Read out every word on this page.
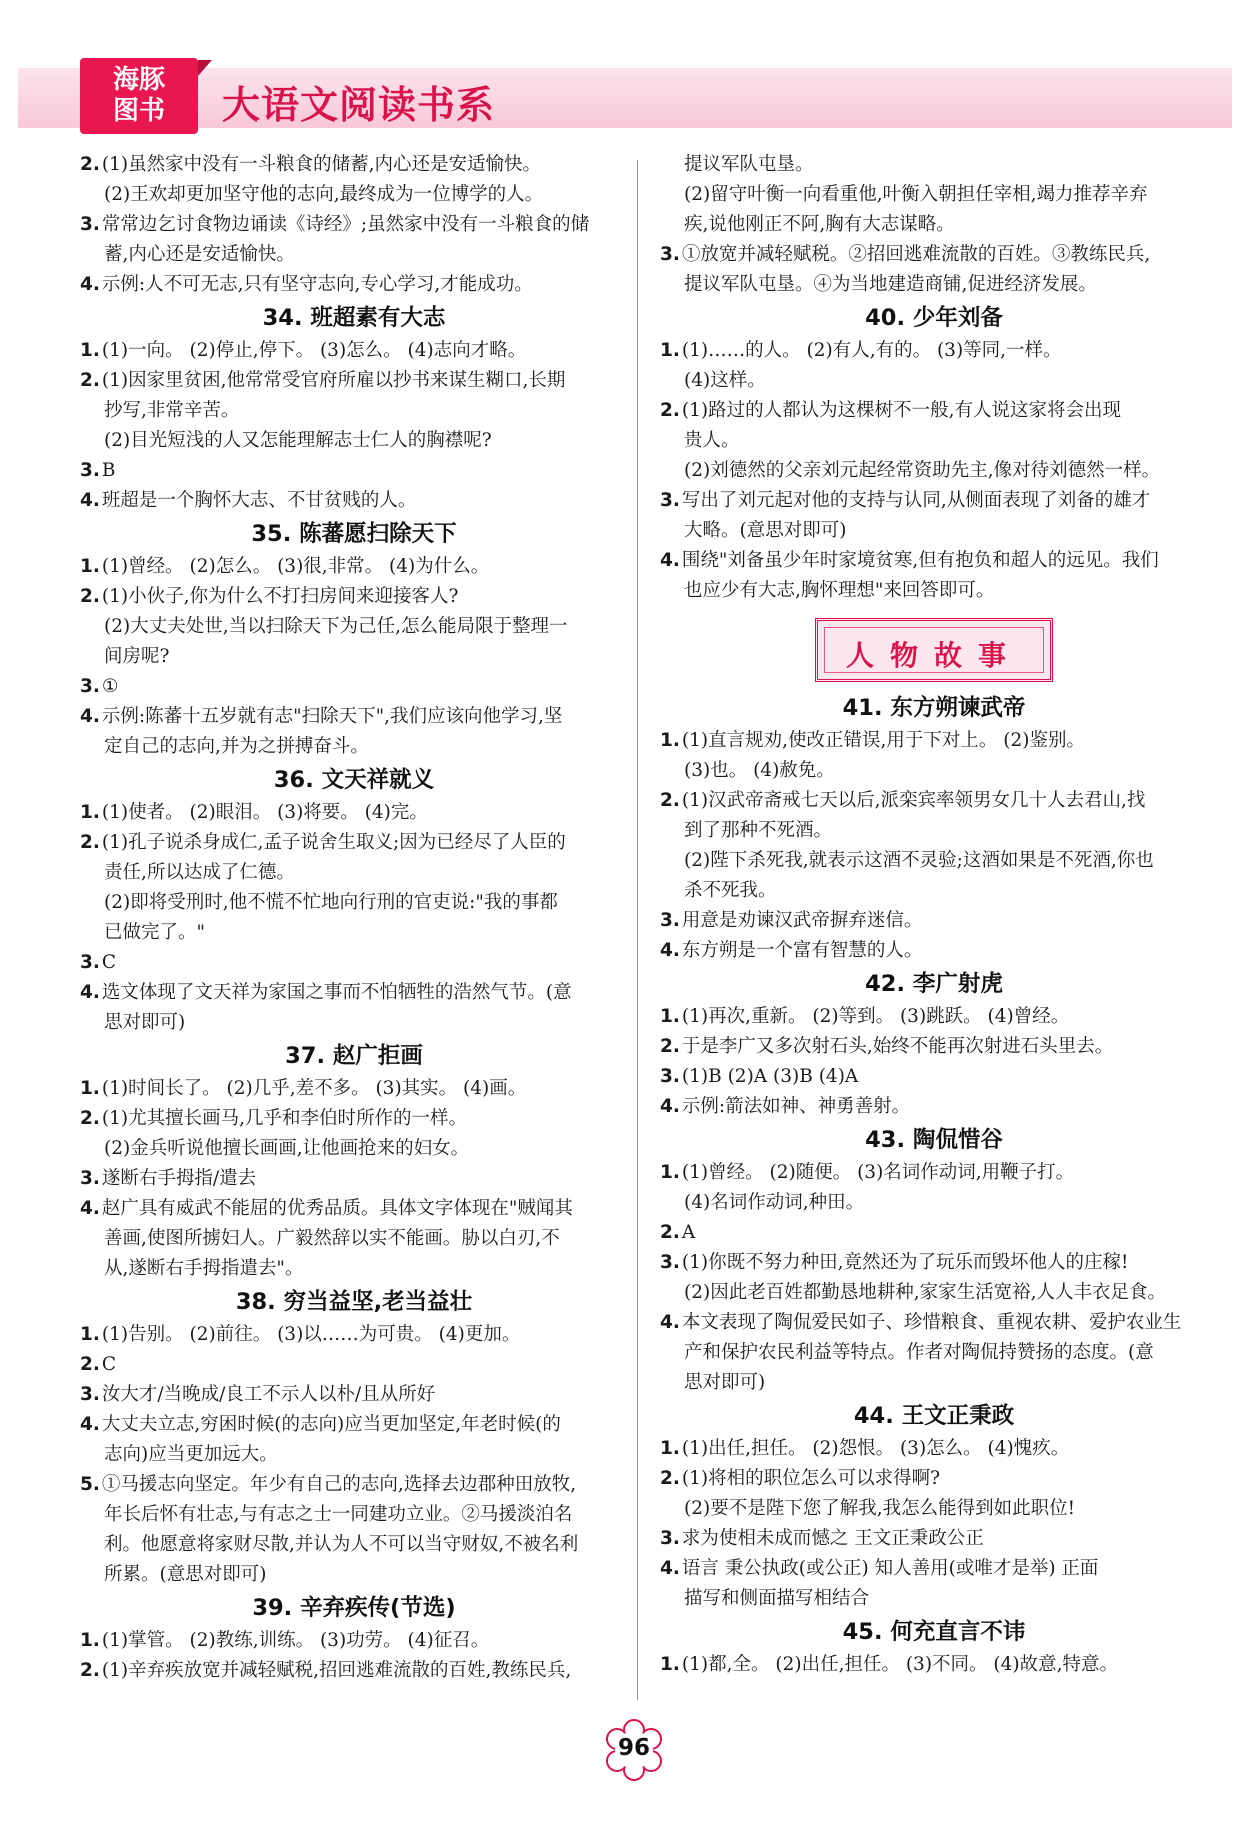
海豚
图书	大语文阅读书系
2. (1)虽然家中没有一斗粮食的储蓄,内心还是安适愉快。
(2)王欢却更加坚守他的志向,最终成为一位博学的人。
3. 常常边乞讨食物边诵读《诗经》;虽然家中没有一斗粮食的储
蓄,内心还是安适愉快。
4. 示例:人不可无志,只有坚守志向,专心学习,才能成功。
34. 班超素有大志
1. (1)一向。 (2)停止,停下。 (3)怎么。 (4)志向才略。
2. (1)因家里贫困,他常常受官府所雇以抄书来谋生糊口,长期
抄写,非常辛苦。
(2)目光短浅的人又怎能理解志士仁人的胸襟呢?
3. B
4. 班超是一个胸怀大志、不甘贫贱的人。
35. 陈蕃愿扫除天下
1. (1)曾经。 (2)怎么。 (3)很,非常。 (4)为什么。
2. (1)小伙子,你为什么不打扫房间来迎接客人?
(2)大丈夫处世,当以扫除天下为己任,怎么能局限于整理一
间房呢?
3. ①
4. 示例:陈蕃十五岁就有志"扫除天下",我们应该向他学习,坚
定自己的志向,并为之拼搏奋斗。
36. 文天祥就义
1. (1)使者。 (2)眼泪。 (3)将要。 (4)完。
2. (1)孔子说杀身成仁,孟子说舍生取义;因为已经尽了人臣的
责任,所以达成了仁德。
(2)即将受刑时,他不慌不忙地向行刑的官吏说:"我的事都
已做完了。"
3. C
4. 选文体现了文天祥为家国之事而不怕牺牲的浩然气节。(意
思对即可)
37. 赵广拒画
1. (1)时间长了。 (2)几乎,差不多。 (3)其实。 (4)画。
2. (1)尤其擅长画马,几乎和李伯时所作的一样。
(2)金兵听说他擅长画画,让他画抢来的妇女。
3. 遂断右手拇指/遣去
4. 赵广具有威武不能屈的优秀品质。具体文字体现在"贼闻其
善画,使图所掳妇人。广毅然辞以实不能画。胁以白刃,不
从,遂断右手拇指遣去"。
38. 穷当益坚,老当益壮
1. (1)告别。 (2)前往。 (3)以……为可贵。 (4)更加。
2. C
3. 汝大才/当晚成/良工不示人以朴/且从所好
4. 大丈夫立志,穷困时候(的志向)应当更加坚定,年老时候(的
志向)应当更加远大。
5. ①马援志向坚定。年少有自己的志向,选择去边郡种田放牧,
年长后怀有壮志,与有志之士一同建功立业。②马援淡泊名
利。他愿意将家财尽散,并认为人不可以当守财奴,不被名利
所累。(意思对即可)
39. 辛弃疾传(节选)
1. (1)掌管。 (2)教练,训练。 (3)功劳。 (4)征召。
2. (1)辛弃疾放宽并减轻赋税,招回逃难流散的百姓,教练民兵,
提议军队屯垦。
(2)留守叶衡一向看重他,叶衡入朝担任宰相,竭力推荐辛弃
疾,说他刚正不阿,胸有大志谋略。
3. ①放宽并减轻赋税。②招回逃难流散的百姓。③教练民兵,
提议军队屯垦。④为当地建造商铺,促进经济发展。
40. 少年刘备
1. (1)……的人。 (2)有人,有的。 (3)等同,一样。
(4)这样。
2. (1)路过的人都认为这棵树不一般,有人说这家将会出现
贵人。
(2)刘德然的父亲刘元起经常资助先主,像对待刘德然一样。
3. 写出了刘元起对他的支持与认同,从侧面表现了刘备的雄才
大略。(意思对即可)
4. 围绕"刘备虽少年时家境贫寒,但有抱负和超人的远见。我们
也应少有大志,胸怀理想"来回答即可。
人物故事
41. 东方朔谏武帝
1. (1)直言规劝,使改正错误,用于下对上。 (2)鉴别。
(3)也。 (4)赦免。
2. (1)汉武帝斋戒七天以后,派栾宾率领男女几十人去君山,找
到了那种不死酒。
(2)陛下杀死我,就表示这酒不灵验;这酒如果是不死酒,你也
杀不死我。
3. 用意是劝谏汉武帝摒弃迷信。
4. 东方朔是一个富有智慧的人。
42. 李广射虎
1. (1)再次,重新。 (2)等到。 (3)跳跃。 (4)曾经。
2. 于是李广又多次射石头,始终不能再次射进石头里去。
3. (1)B (2)A (3)B (4)A
4. 示例:箭法如神、神勇善射。
43. 陶侃惜谷
1. (1)曾经。 (2)随便。 (3)名词作动词,用鞭子打。
(4)名词作动词,种田。
2. A
3. (1)你既不努力种田,竟然还为了玩乐而毁坏他人的庄稼!
(2)因此老百姓都勤恳地耕种,家家生活宽裕,人人丰衣足食。
4. 本文表现了陶侃爱民如子、珍惜粮食、重视农耕、爱护农业生
产和保护农民利益等特点。作者对陶侃持赞扬的态度。(意
思对即可)
44. 王文正秉政
1. (1)出任,担任。 (2)怨恨。 (3)怎么。 (4)愧疚。
2. (1)将相的职位怎么可以求得啊?
(2)要不是陛下您了解我,我怎么能得到如此职位!
3. 求为使相未成而憾之 王文正秉政公正
4. 语言 秉公执政(或公正) 知人善用(或唯才是举) 正面
描写和侧面描写相结合
45. 何充直言不讳
1. (1)都,全。 (2)出任,担任。 (3)不同。 (4)故意,特意。
96
